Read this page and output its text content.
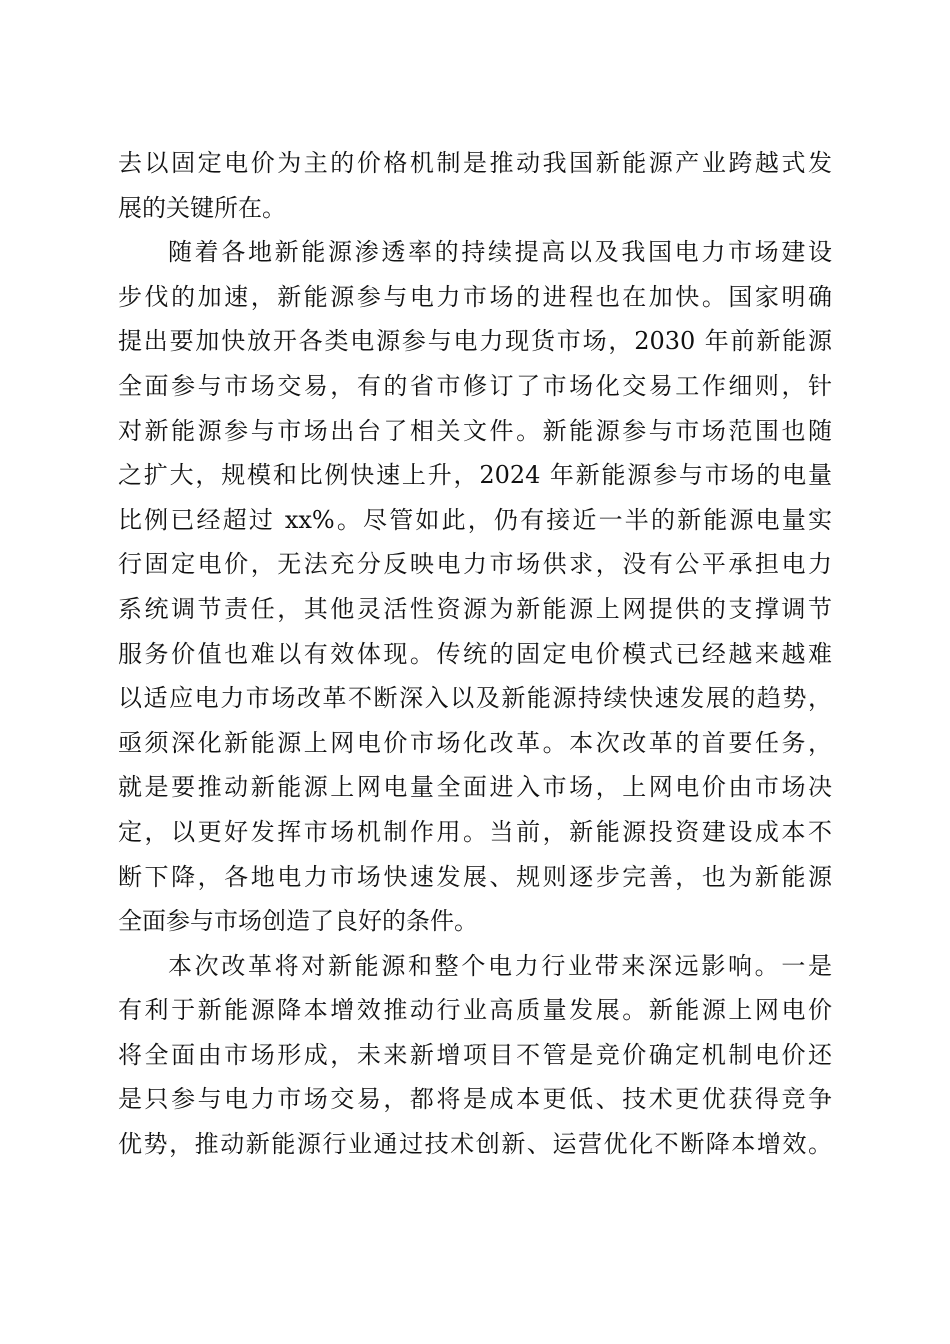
去以固定电价为主的价格机制是推动我国新能源产业跨越式发
展的关键所在。
随着各地新能源渗透率的持续提高以及我国电力市场建设
步伐的加速，新能源参与电力市场的进程也在加快。国家明确
提出要加快放开各类电源参与电力现货市场，2030 年前新能源
全面参与市场交易，有的省市修订了市场化交易工作细则，针
对新能源参与市场出台了相关文件。新能源参与市场范围也随
之扩大，规模和比例快速上升，2024 年新能源参与市场的电量
比例已经超过 xx%。尽管如此，仍有接近一半的新能源电量实
行固定电价，无法充分反映电力市场供求，没有公平承担电力
系统调节责任，其他灵活性资源为新能源上网提供的支撑调节
服务价值也难以有效体现。传统的固定电价模式已经越来越难
以适应电力市场改革不断深入以及新能源持续快速发展的趋势，
亟须深化新能源上网电价市场化改革。本次改革的首要任务，
就是要推动新能源上网电量全面进入市场，上网电价由市场决
定，以更好发挥市场机制作用。当前，新能源投资建设成本不
断下降，各地电力市场快速发展、规则逐步完善，也为新能源
全面参与市场创造了良好的条件。
本次改革将对新能源和整个电力行业带来深远影响。一是
有利于新能源降本增效推动行业高质量发展。新能源上网电价
将全面由市场形成，未来新增项目不管是竞价确定机制电价还
是只参与电力市场交易，都将是成本更低、技术更优获得竞争
优势，推动新能源行业通过技术创新、运营优化不断降本增效。
